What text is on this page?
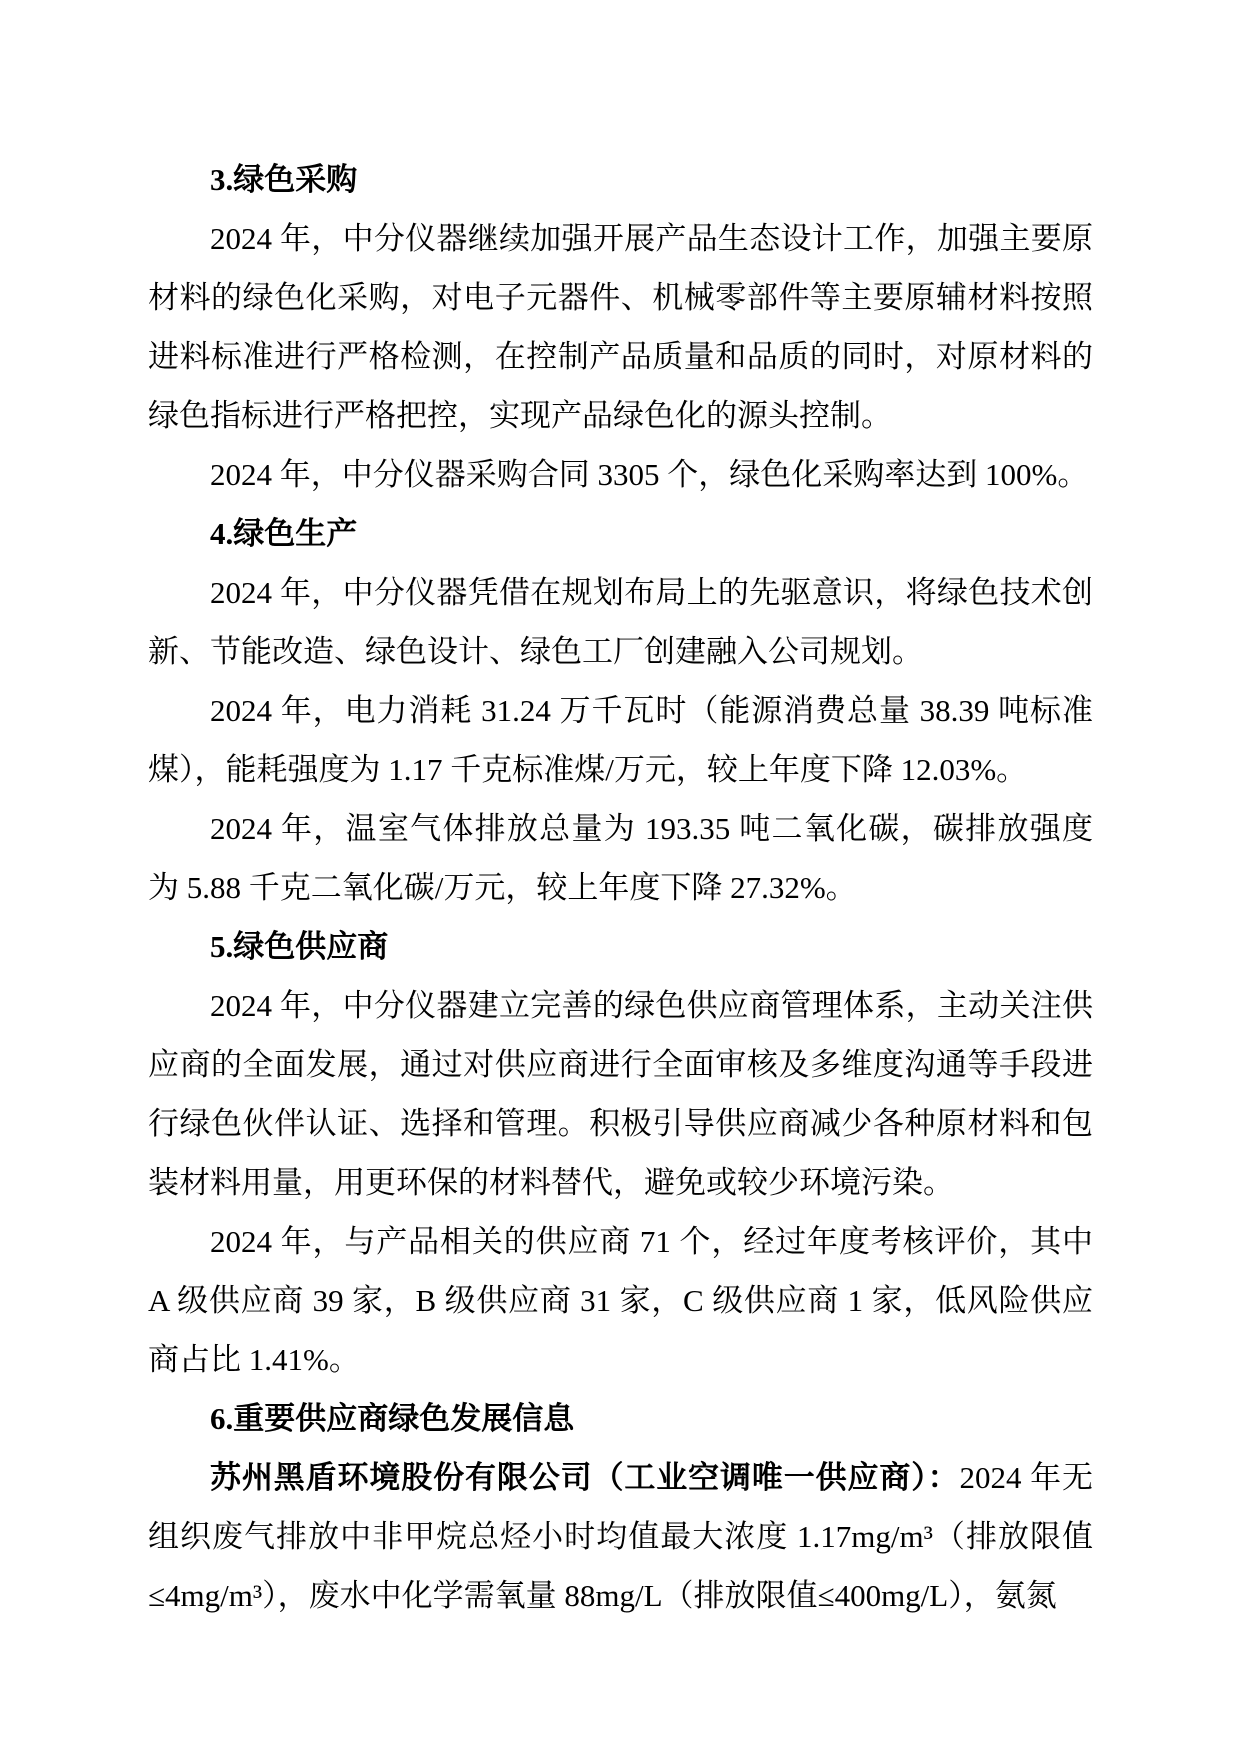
3.绿色采购

2024 年，中分仪器继续加强开展产品生态设计工作，加强主要原材料的绿色化采购，对电子元器件、机械零部件等主要原辅材料按照进料标准进行严格检测，在控制产品质量和品质的同时，对原材料的绿色指标进行严格把控，实现产品绿色化的源头控制。

2024 年，中分仪器采购合同 3305 个，绿色化采购率达到 100%。

4.绿色生产

2024 年，中分仪器凭借在规划布局上的先驱意识，将绿色技术创新、节能改造、绿色设计、绿色工厂创建融入公司规划。

2024 年，电力消耗 31.24 万千瓦时（能源消费总量 38.39 吨标准煤），能耗强度为 1.17 千克标准煤/万元，较上年度下降 12.03%。

2024 年，温室气体排放总量为 193.35 吨二氧化碳，碳排放强度为 5.88 千克二氧化碳/万元，较上年度下降 27.32%。

5.绿色供应商

2024 年，中分仪器建立完善的绿色供应商管理体系，主动关注供应商的全面发展，通过对供应商进行全面审核及多维度沟通等手段进行绿色伙伴认证、选择和管理。积极引导供应商减少各种原材料和包装材料用量，用更环保的材料替代，避免或较少环境污染。

2024 年，与产品相关的供应商 71 个，经过年度考核评价，其中 A 级供应商 39 家，B 级供应商 31 家，C 级供应商 1 家，低风险供应商占比 1.41%。

6.重要供应商绿色发展信息

苏州黑盾环境股份有限公司（工业空调唯一供应商）：2024 年无组织废气排放中非甲烷总烃小时均值最大浓度 1.17mg/m³（排放限值≤4mg/m³），废水中化学需氧量 88mg/L（排放限值≤400mg/L），氨氮
